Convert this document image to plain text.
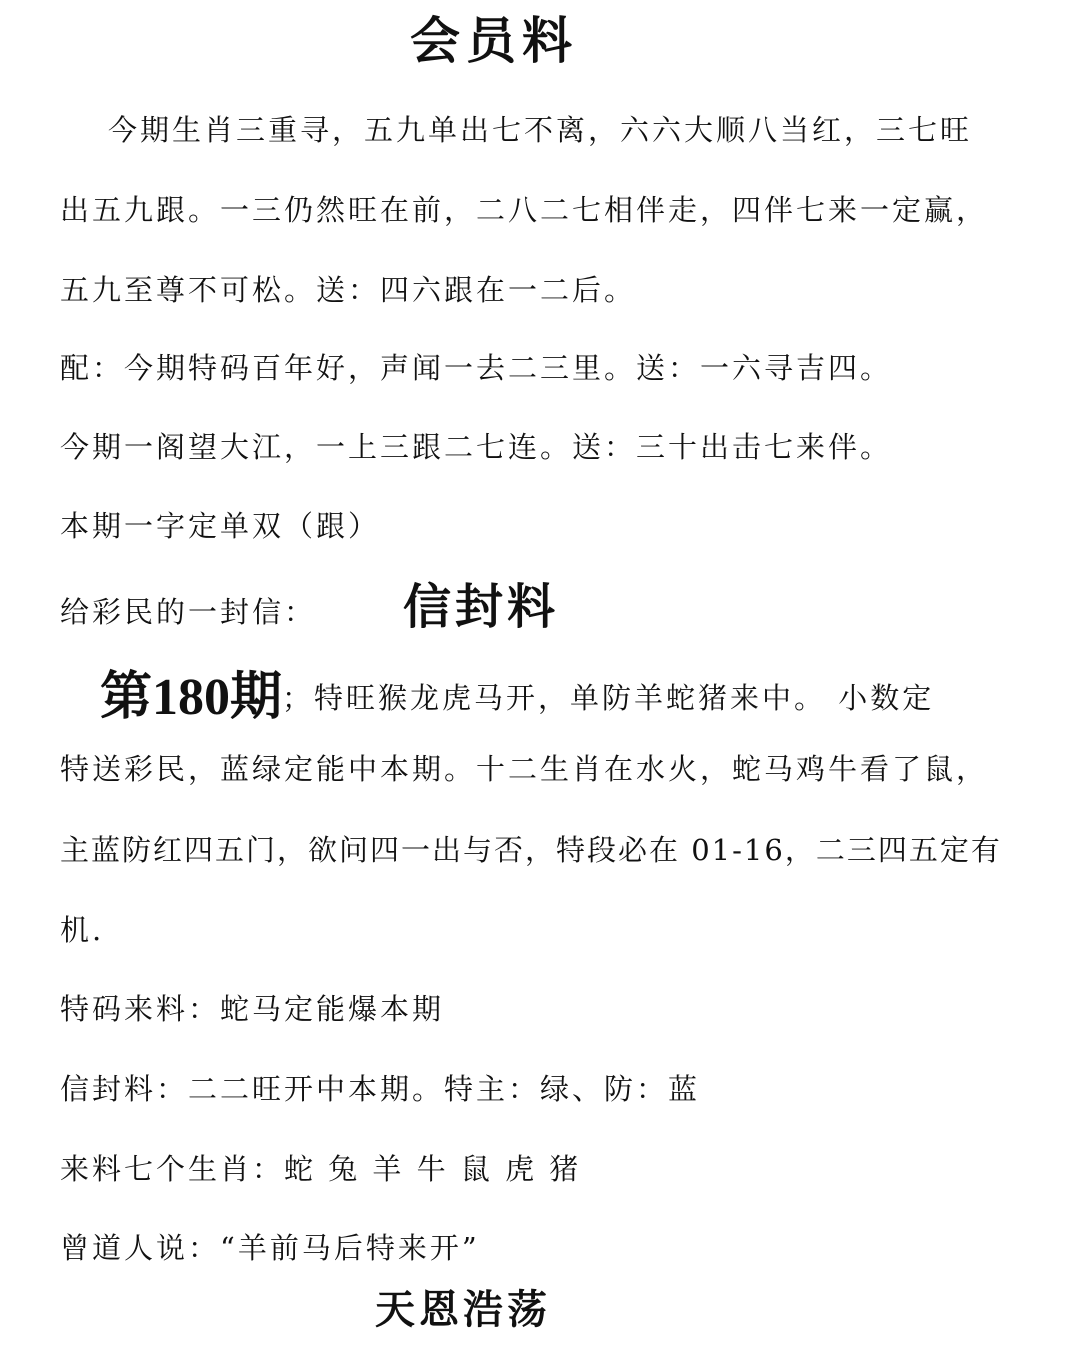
会员料
今期生肖三重寻，五九单出七不离，六六大顺八当红，三七旺
出五九跟。一三仍然旺在前，二八二七相伴走，四伴七来一定赢，
五九至尊不可松。送：四六跟在一二后。
配：今期特码百年好，声闻一去二三里。送：一六寻吉四。
今期一阁望大江，一上三跟二七连。送：三十出击七来伴。
本期一字定单双（跟）
给彩民的一封信： 信封料
第180期；特旺猴龙虎马开，单防羊蛇猪来中。 小数定
特送彩民，蓝绿定能中本期。十二生肖在水火，蛇马鸡牛看了鼠，
主蓝防红四五门，欲问四一出与否，特段必在 01-16，二三四五定有
机.
特码来料：蛇马定能爆本期
信封料：二二旺开中本期。特主：绿、防：蓝
来料七个生肖：蛇 兔 羊 牛 鼠 虎 猪
曾道人说：“羊前马后特来开”
天恩浩荡
